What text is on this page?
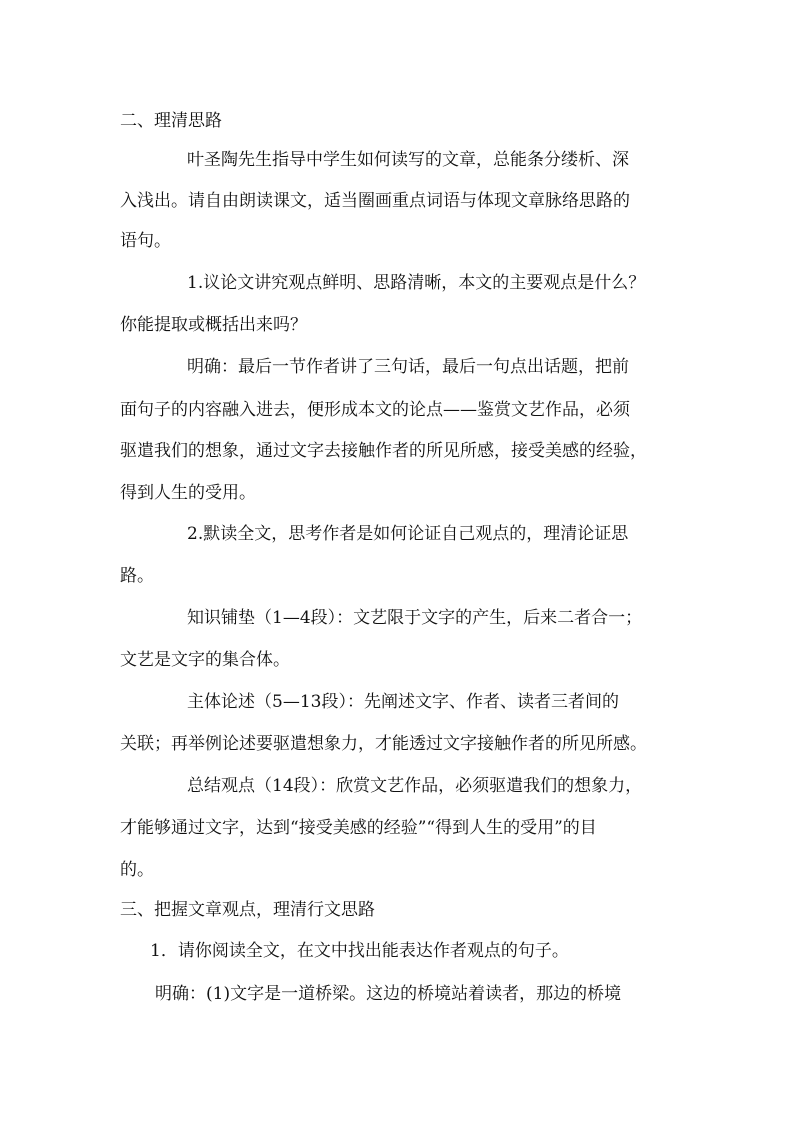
二、理清思路
叶圣陶先生指导中学生如何读写的文章，总能条分缕析、深
入浅出。请自由朗读课文，适当圈画重点词语与体现文章脉络思路的
语句。
1.议论文讲究观点鲜明、思路清晰，本文的主要观点是什么？
你能提取或概括出来吗？
明确：最后一节作者讲了三句话，最后一句点出话题，把前
面句子的内容融入进去，便形成本文的论点——鉴赏文艺作品，必须
驱遣我们的想象，通过文字去接触作者的所见所感，接受美感的经验，
得到人生的受用。
2.默读全文，思考作者是如何论证自己观点的，理清论证思
路。
知识铺垫（1—4段）：文艺限于文字的产生，后来二者合一；
文艺是文字的集合体。
主体论述（5—13段）：先阐述文字、作者、读者三者间的
关联；再举例论述要驱遣想象力，才能透过文字接触作者的所见所感。
总结观点（14段）：欣赏文艺作品，必须驱遣我们的想象力，
才能够通过文字，达到“接受美感的经验”“得到人生的受用”的目
的。
三、把握文章观点，理清行文思路
1．请你阅读全文，在文中找出能表达作者观点的句子。
明确：(1)文字是一道桥梁。这边的桥境站着读者，那边的桥境
